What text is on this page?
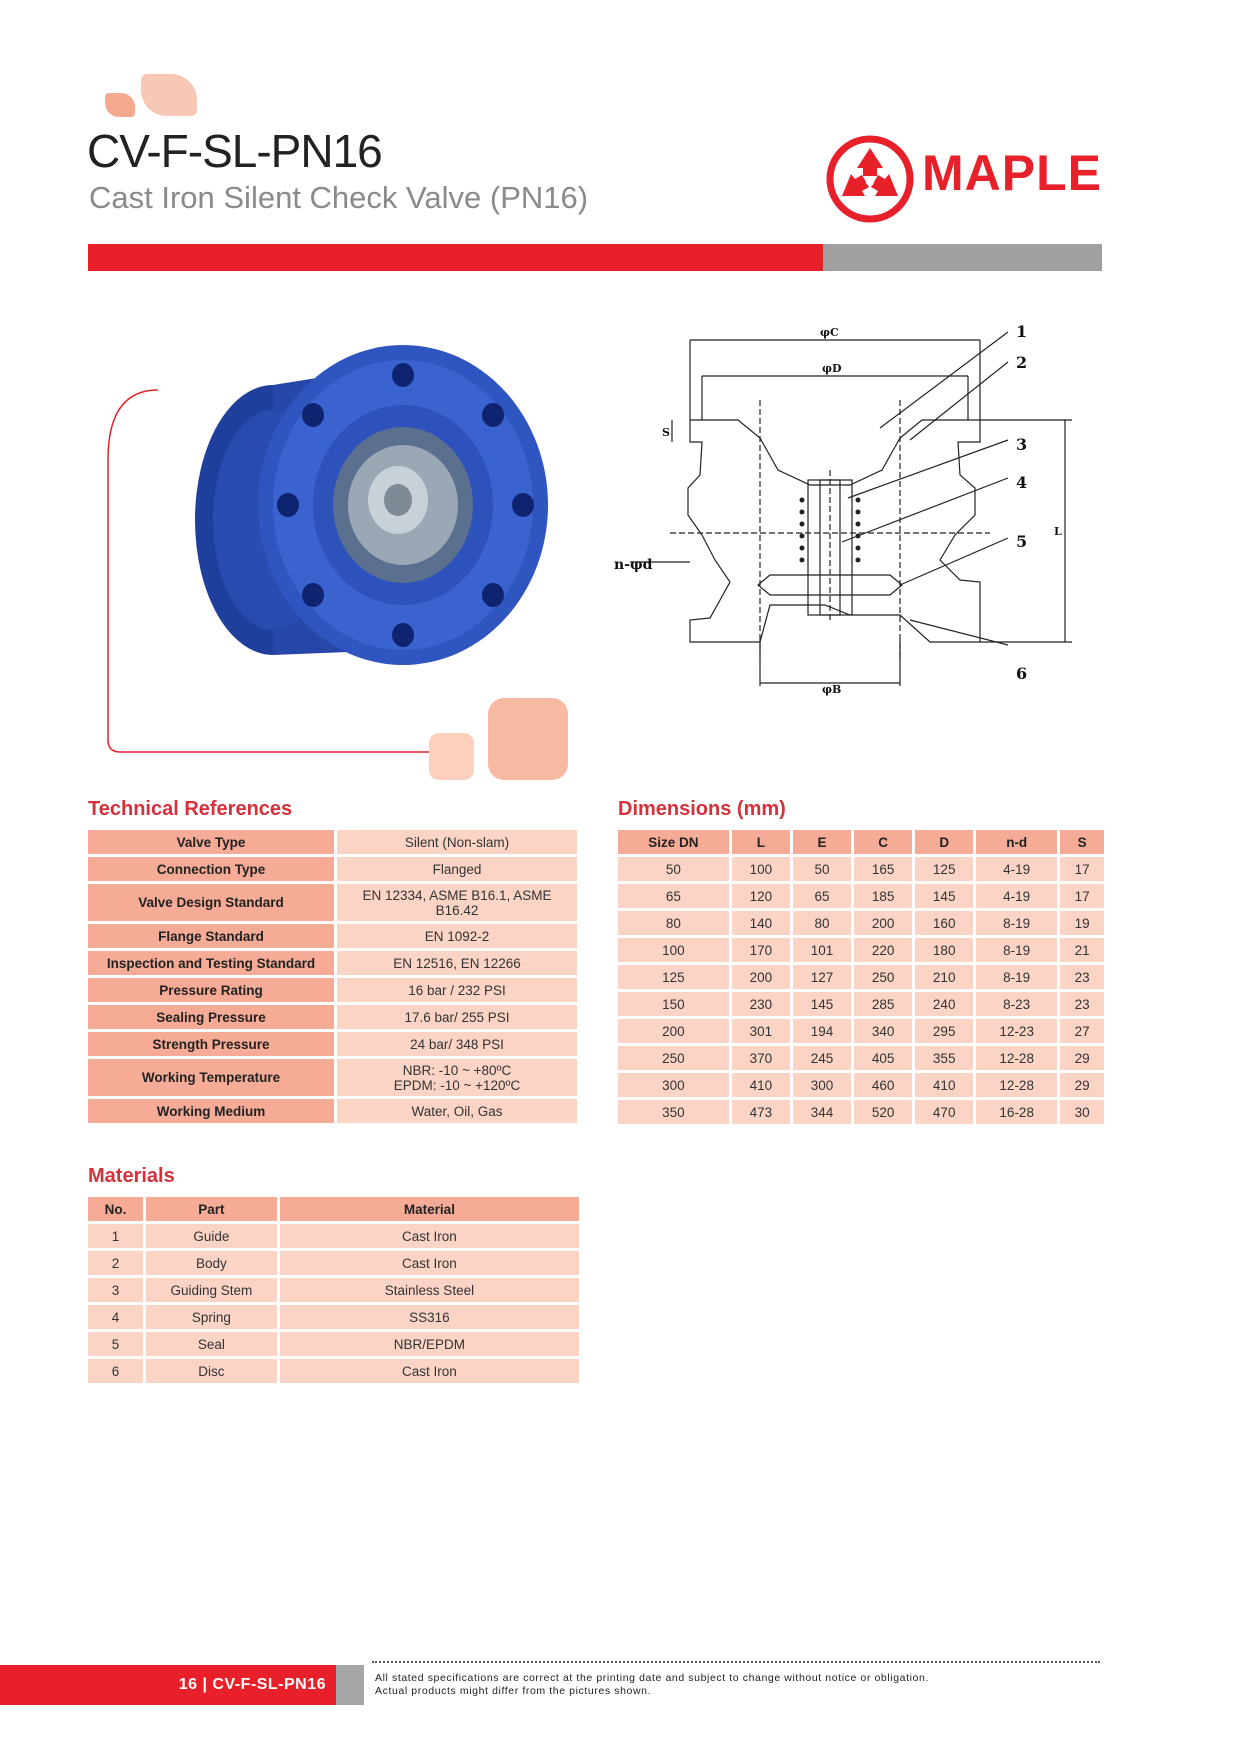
CV-F-SL-PN16
Cast Iron Silent Check Valve (PN16)	MAPLE
φC
φD
φB
L
S
n-φd
1
2
3
4
5
6
Technical References
Valve Type	Silent (Non-slam)
Connection Type	Flanged
Valve Design Standard	EN 12334, ASME B16.1, ASME B16.42
Flange Standard	EN 1092-2
Inspection and Testing Standard	EN 12516, EN 12266
Pressure Rating	16 bar / 232 PSI
Sealing Pressure	17.6 bar/ 255 PSI
Strength Pressure	24 bar/ 348 PSI
Working Temperature	NBR: -10 ~ +80ºC
EPDM: -10 ~ +120ºC
Working Medium	Water, Oil, Gas
Dimensions (mm)
Size DN	L	E	C	D	n-d	S
50	100	50	165	125	4-19	17
65	120	65	185	145	4-19	17
80	140	80	200	160	8-19	19
100	170	101	220	180	8-19	21
125	200	127	250	210	8-19	23
150	230	145	285	240	8-23	23
200	301	194	340	295	12-23	27
250	370	245	405	355	12-28	29
300	410	300	460	410	12-28	29
350	473	344	520	470	16-28	30
Materials
No.	Part	Material
1	Guide	Cast Iron
2	Body	Cast Iron
3	Guiding Stem	Stainless Steel
4	Spring	SS316
5	Seal	NBR/EPDM
6	Disc	Cast Iron
16 | CV-F-SL-PN16	All stated specifications are correct at the printing date and subject to change without notice or obligation.
Actual products might differ from the pictures shown.
